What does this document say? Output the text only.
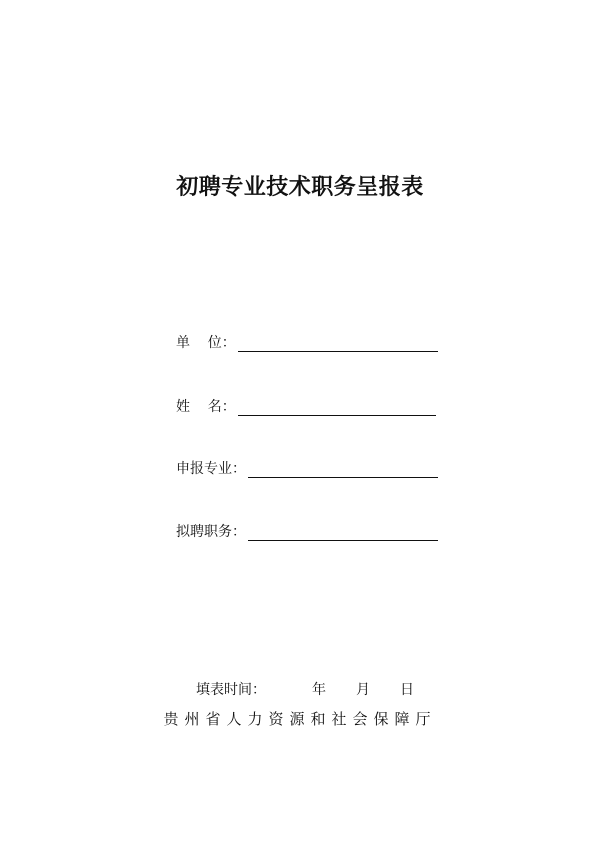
初聘专业技术职务呈报表
单    位：
姓    名：
申报专业：
拟聘职务：
填表时间：	年 月 日
贵州省人力资源和社会保障厅
